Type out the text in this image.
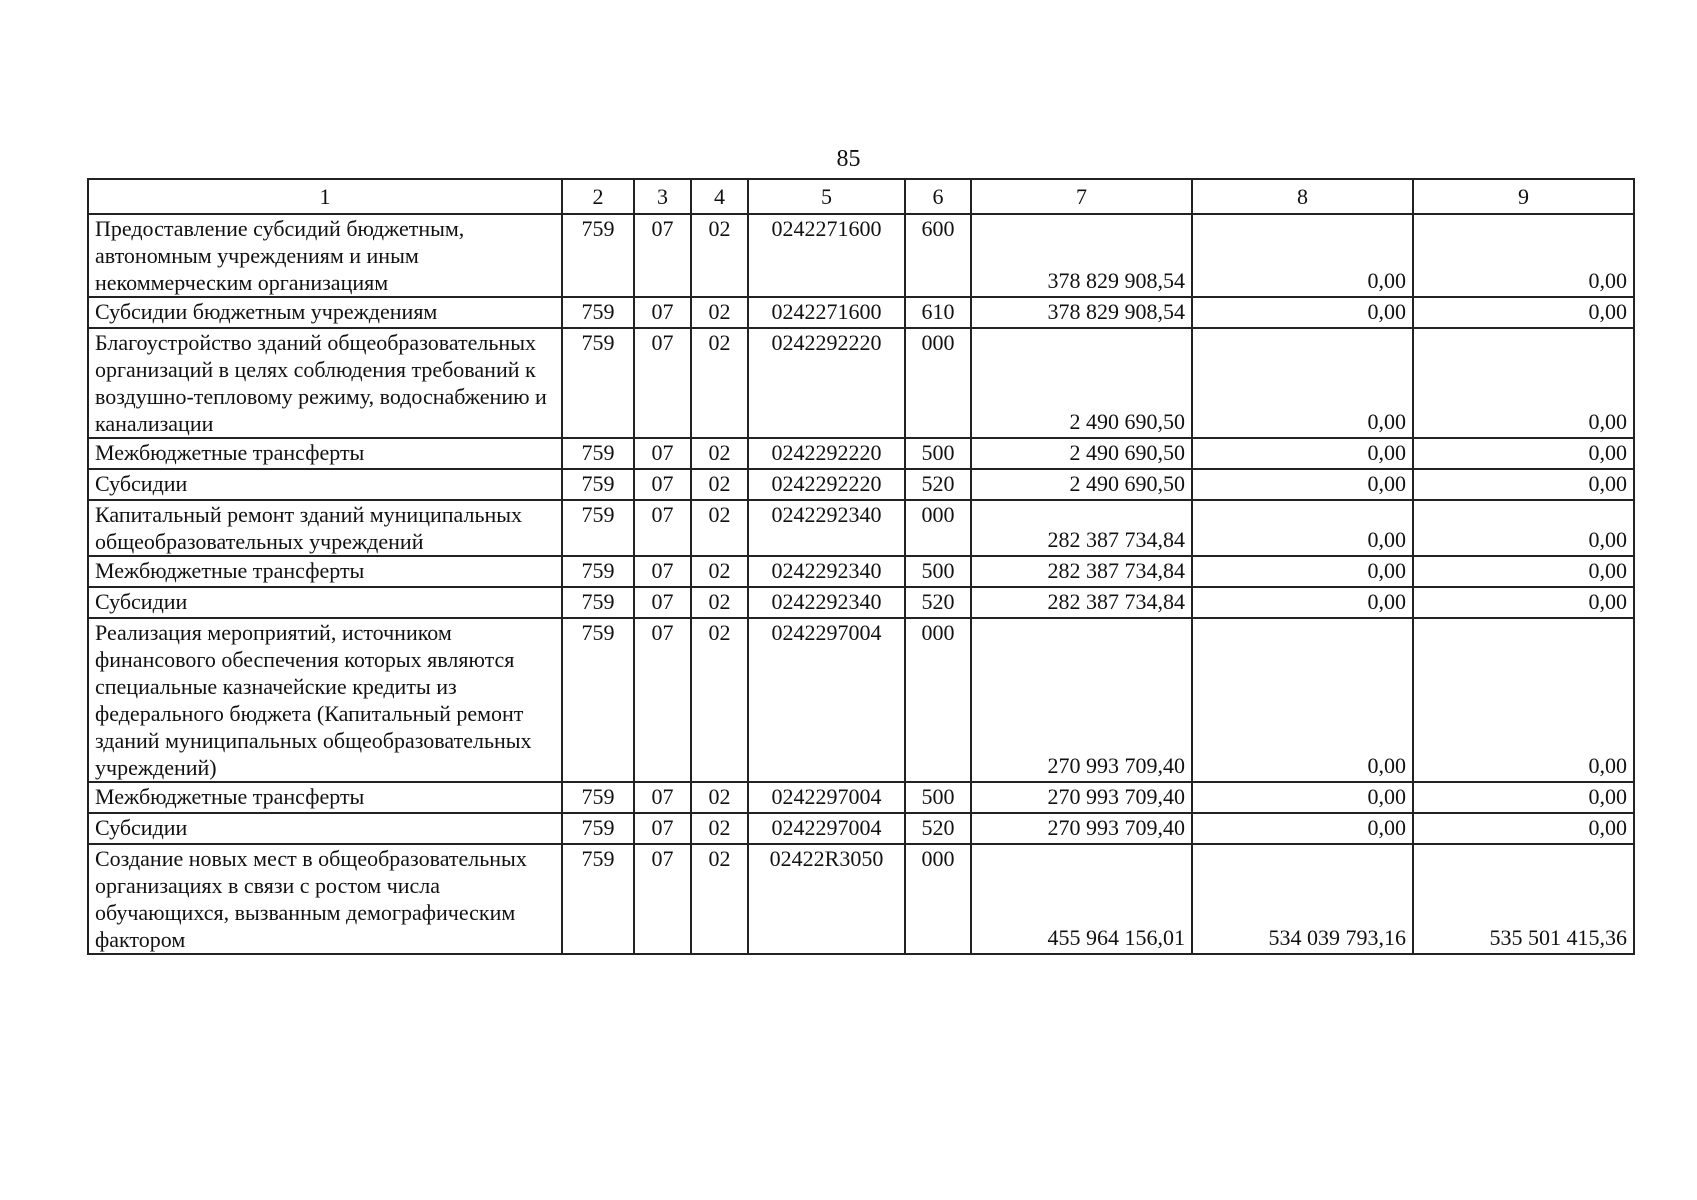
85
1	2	3	4	5	6	7	8	9
Предоставление субсидий бюджетным, автономным учреждениям и иным некоммерческим организациям	759	07	02	0242271600	600	378 829 908,54	0,00	0,00
Субсидии бюджетным учреждениям	759	07	02	0242271600	610	378 829 908,54	0,00	0,00
Благоустройство зданий общеобразовательных организаций в целях соблюдения требований к воздушно-тепловому режиму, водоснабжению и канализации	759	07	02	0242292220	000	2 490 690,50	0,00	0,00
Межбюджетные трансферты	759	07	02	0242292220	500	2 490 690,50	0,00	0,00
Субсидии	759	07	02	0242292220	520	2 490 690,50	0,00	0,00
Капитальный ремонт зданий муниципальных общеобразовательных учреждений	759	07	02	0242292340	000	282 387 734,84	0,00	0,00
Межбюджетные трансферты	759	07	02	0242292340	500	282 387 734,84	0,00	0,00
Субсидии	759	07	02	0242292340	520	282 387 734,84	0,00	0,00
Реализация мероприятий, источником финансового обеспечения которых являются специальные казначейские кредиты из федерального бюджета (Капитальный ремонт зданий муниципальных общеобразовательных учреждений)	759	07	02	0242297004	000	270 993 709,40	0,00	0,00
Межбюджетные трансферты	759	07	02	0242297004	500	270 993 709,40	0,00	0,00
Субсидии	759	07	02	0242297004	520	270 993 709,40	0,00	0,00
Создание новых мест в общеобразовательных организациях в связи с ростом числа обучающихся, вызванным демографическим фактором	759	07	02	02422R3050	000	455 964 156,01	534 039 793,16	535 501 415,36
